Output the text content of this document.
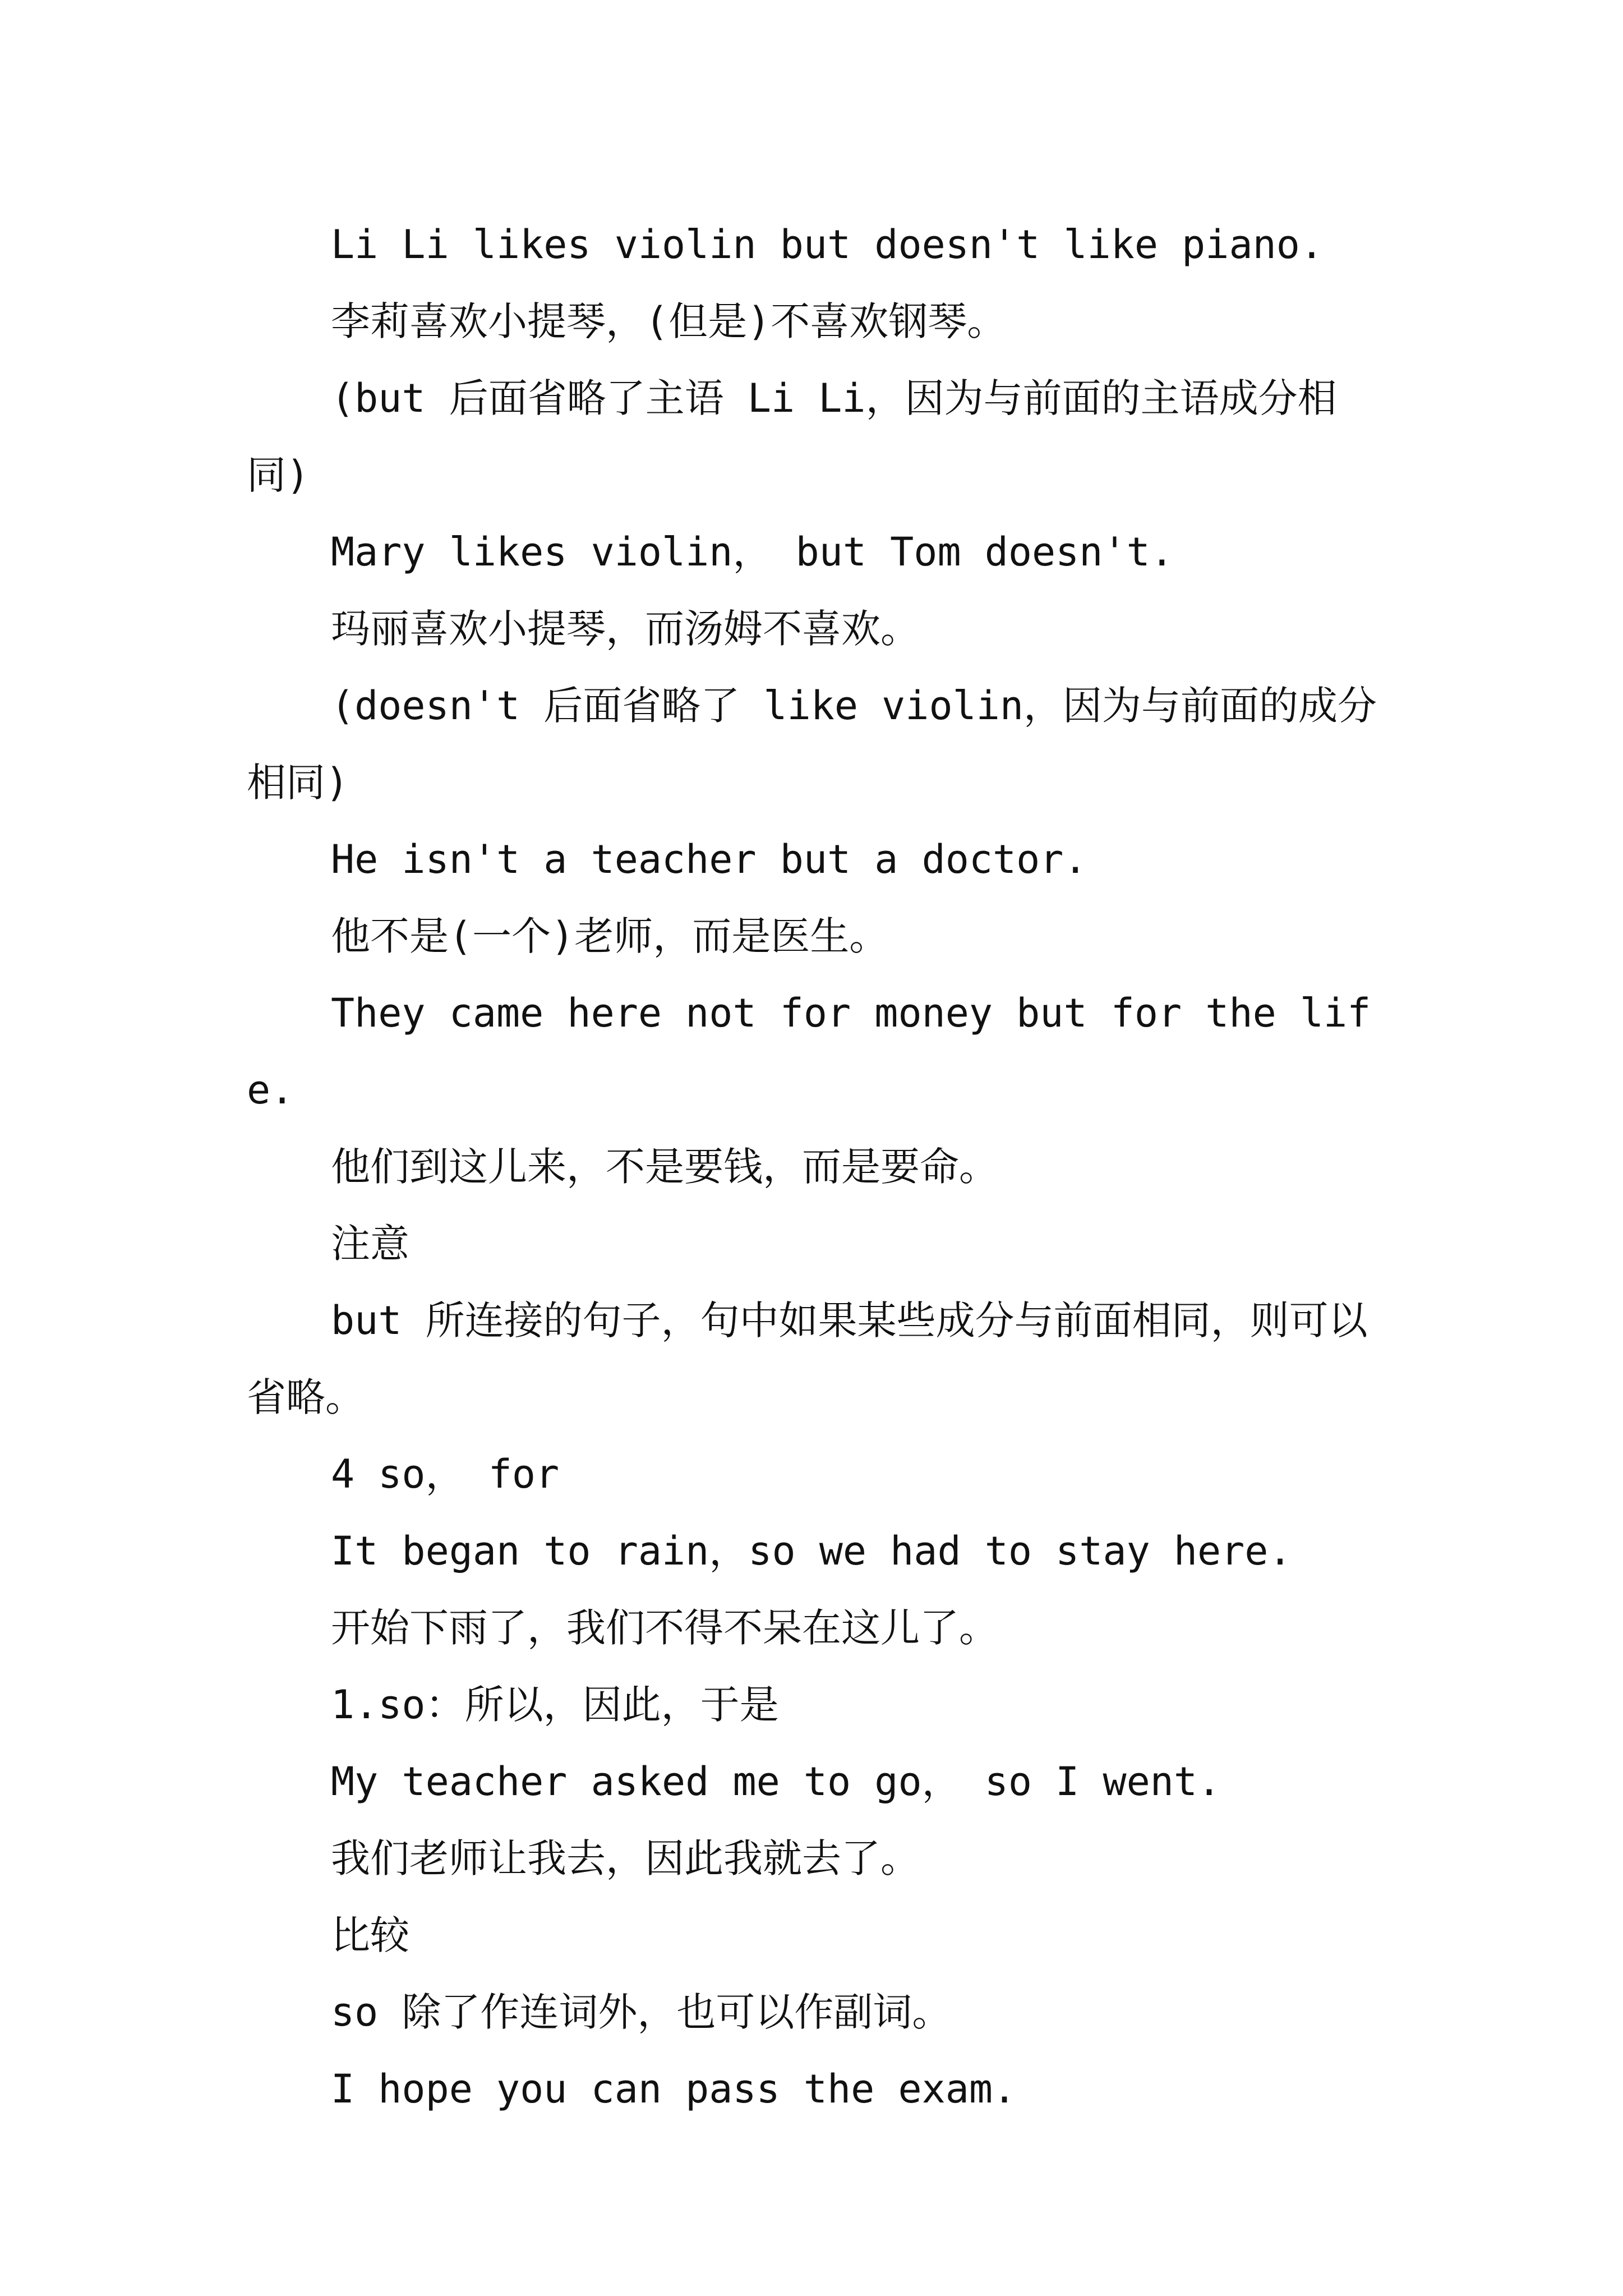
Li Li likes violin but doesn't like piano.

李莉喜欢小提琴，(但是)不喜欢钢琴。

(but 后面省略了主语 Li Li，因为与前面的主语成分相同)

Mary likes violin， but Tom doesn't.

玛丽喜欢小提琴，而汤姆不喜欢。

(doesn't 后面省略了 like violin，因为与前面的成分相同)

He isn't a teacher but a doctor.

他不是(一个)老师，而是医生。

They came here not for money but for the life.

他们到这儿来，不是要钱，而是要命。

注意

but 所连接的句子，句中如果某些成分与前面相同，则可以省略。

4 so， for

It began to rain，so we had to stay here.

开始下雨了，我们不得不呆在这儿了。

1.so：所以，因此，于是

My teacher asked me to go， so I went.

我们老师让我去，因此我就去了。

比较

so 除了作连词外，也可以作副词。

I hope you can pass the exam.
